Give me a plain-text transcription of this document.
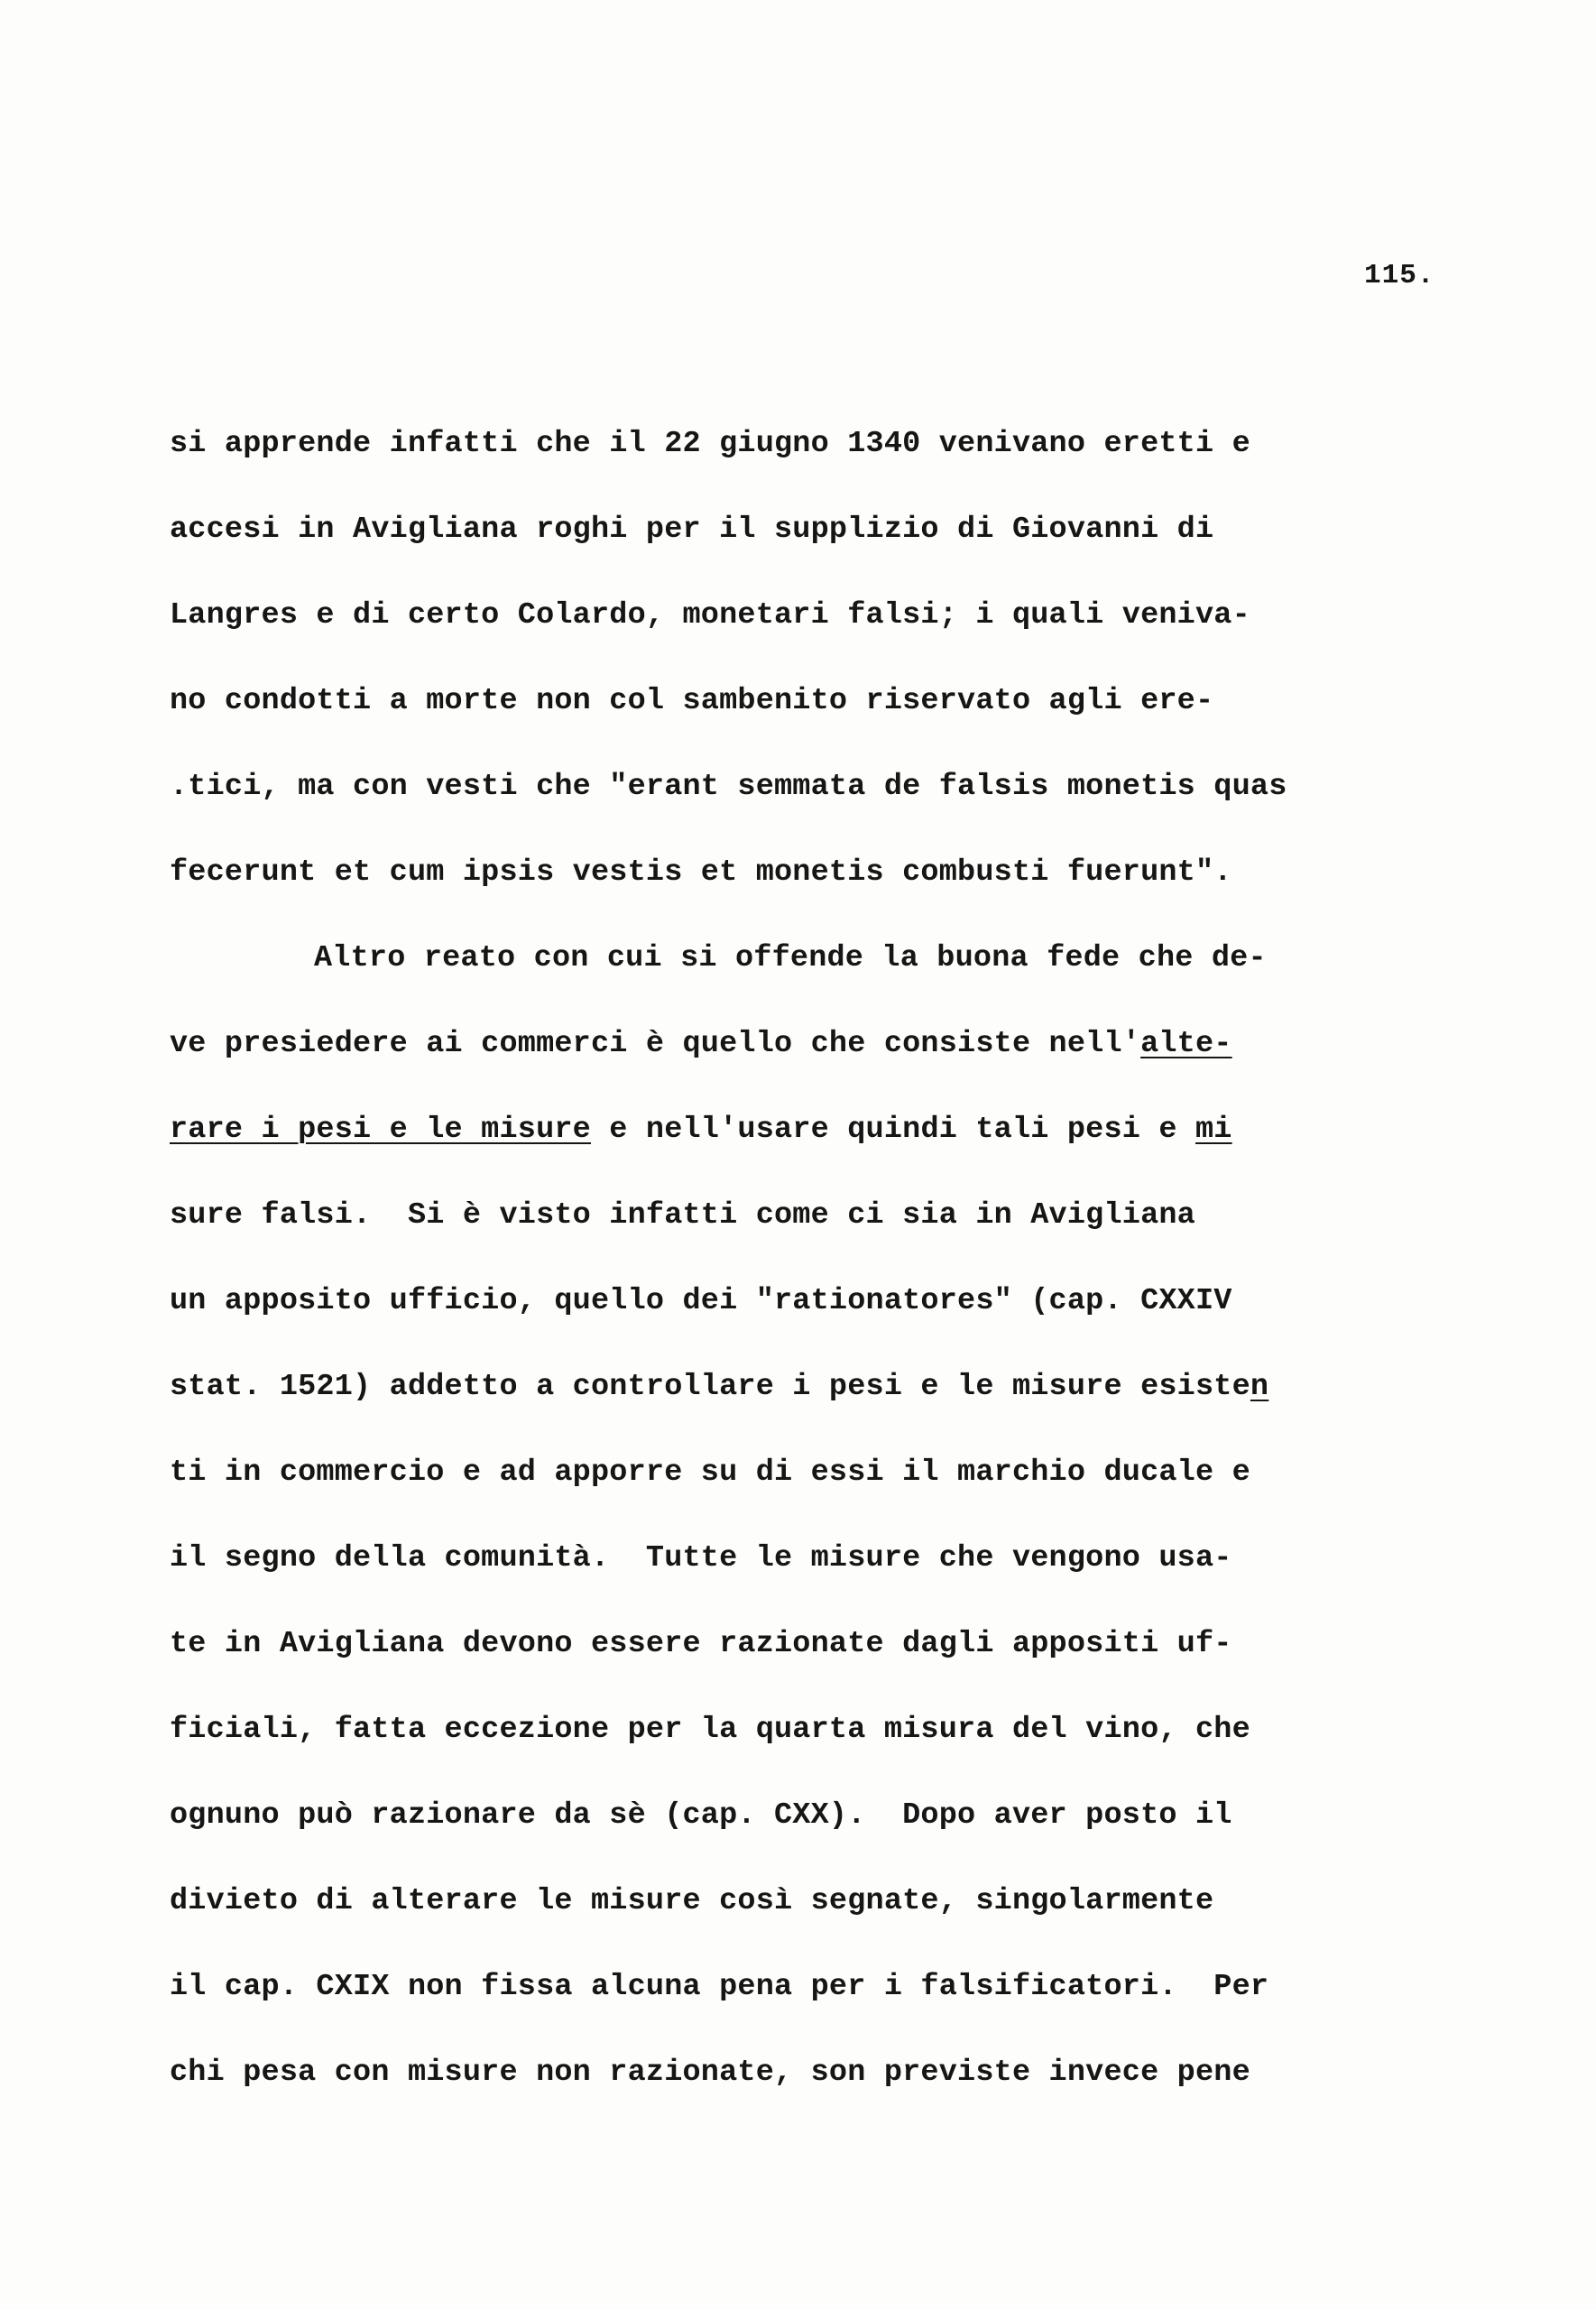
115.
si apprende infatti che il 22 giugno 1340 venivano eretti e
accesi in Avigliana roghi per il supplizio di Giovanni di
Langres e di certo Colardo, monetari falsi; i quali veniva-
no condotti a morte non col sambenito riservato agli ere-
.tici, ma con vesti che "erant semmata de falsis monetis quas
fecerunt et cum ipsis vestis et monetis combusti fuerunt".
Altro reato con cui si offende la buona fede che de-
ve presiedere ai commerci è quello che consiste nell'alte-
rare i pesi e le misure e nell'usare quindi tali pesi e mi
sure falsi.  Si è visto infatti come ci sia in Avigliana
un apposito ufficio, quello dei "rationatores" (cap. CXXIV
stat. 1521) addetto a controllare i pesi e le misure esisten
ti in commercio e ad apporre su di essi il marchio ducale e
il segno della comunità.  Tutte le misure che vengono usa-
te in Avigliana devono essere razionate dagli appositi uf-
ficiali, fatta eccezione per la quarta misura del vino, che
ognuno può razionare da sè (cap. CXX).  Dopo aver posto il
divieto di alterare le misure così segnate, singolarmente
il cap. CXIX non fissa alcuna pena per i falsificatori.  Per
chi pesa con misure non razionate, son previste invece pene
